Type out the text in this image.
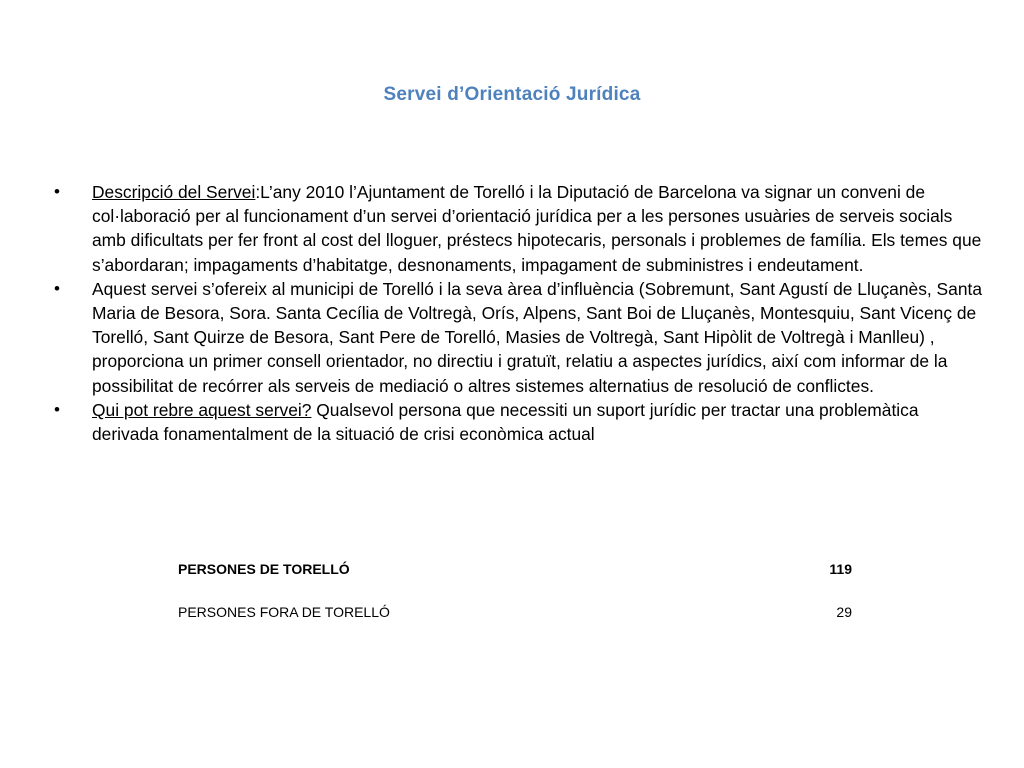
Servei d’Orientació Jurídica
• Descripció del Servei:L’any 2010 l’Ajuntament de Torelló i la Diputació de Barcelona va signar un conveni de col·laboració per al funcionament d’un servei d’orientació jurídica per a les persones usuàries de serveis socials amb dificultats per fer front al cost del lloguer, préstecs hipotecaris, personals i problemes de família. Els temes que s’abordaran; impagaments d’habitatge, desnonaments, impagament de subministres i endeutament.
• Aquest servei s’ofereix al municipi de Torelló i la seva àrea d’influència (Sobremunt, Sant Agustí de Lluçanès, Santa Maria de Besora, Sora. Santa Cecília de Voltregà, Orís, Alpens, Sant Boi de Lluçanès, Montesquiu, Sant Vicenç de Torelló, Sant Quirze de Besora, Sant Pere de Torelló, Masies de Voltregà, Sant Hipòlit de Voltregà i Manlleu) , proporciona un primer consell orientador, no directiu i gratuït, relatiu a aspectes jurídics, així com informar de la possibilitat de recórrer als serveis de mediació o altres sistemes alternatius de resolució de conflictes.
• Qui pot rebre aquest servei? Qualsevol persona que necessiti un suport jurídic per tractar una problemàtica derivada fonamentalment de la situació de crisi econòmica actual
PERSONES DE TORELLÓ	119
PERSONES FORA DE TORELLÓ	29
